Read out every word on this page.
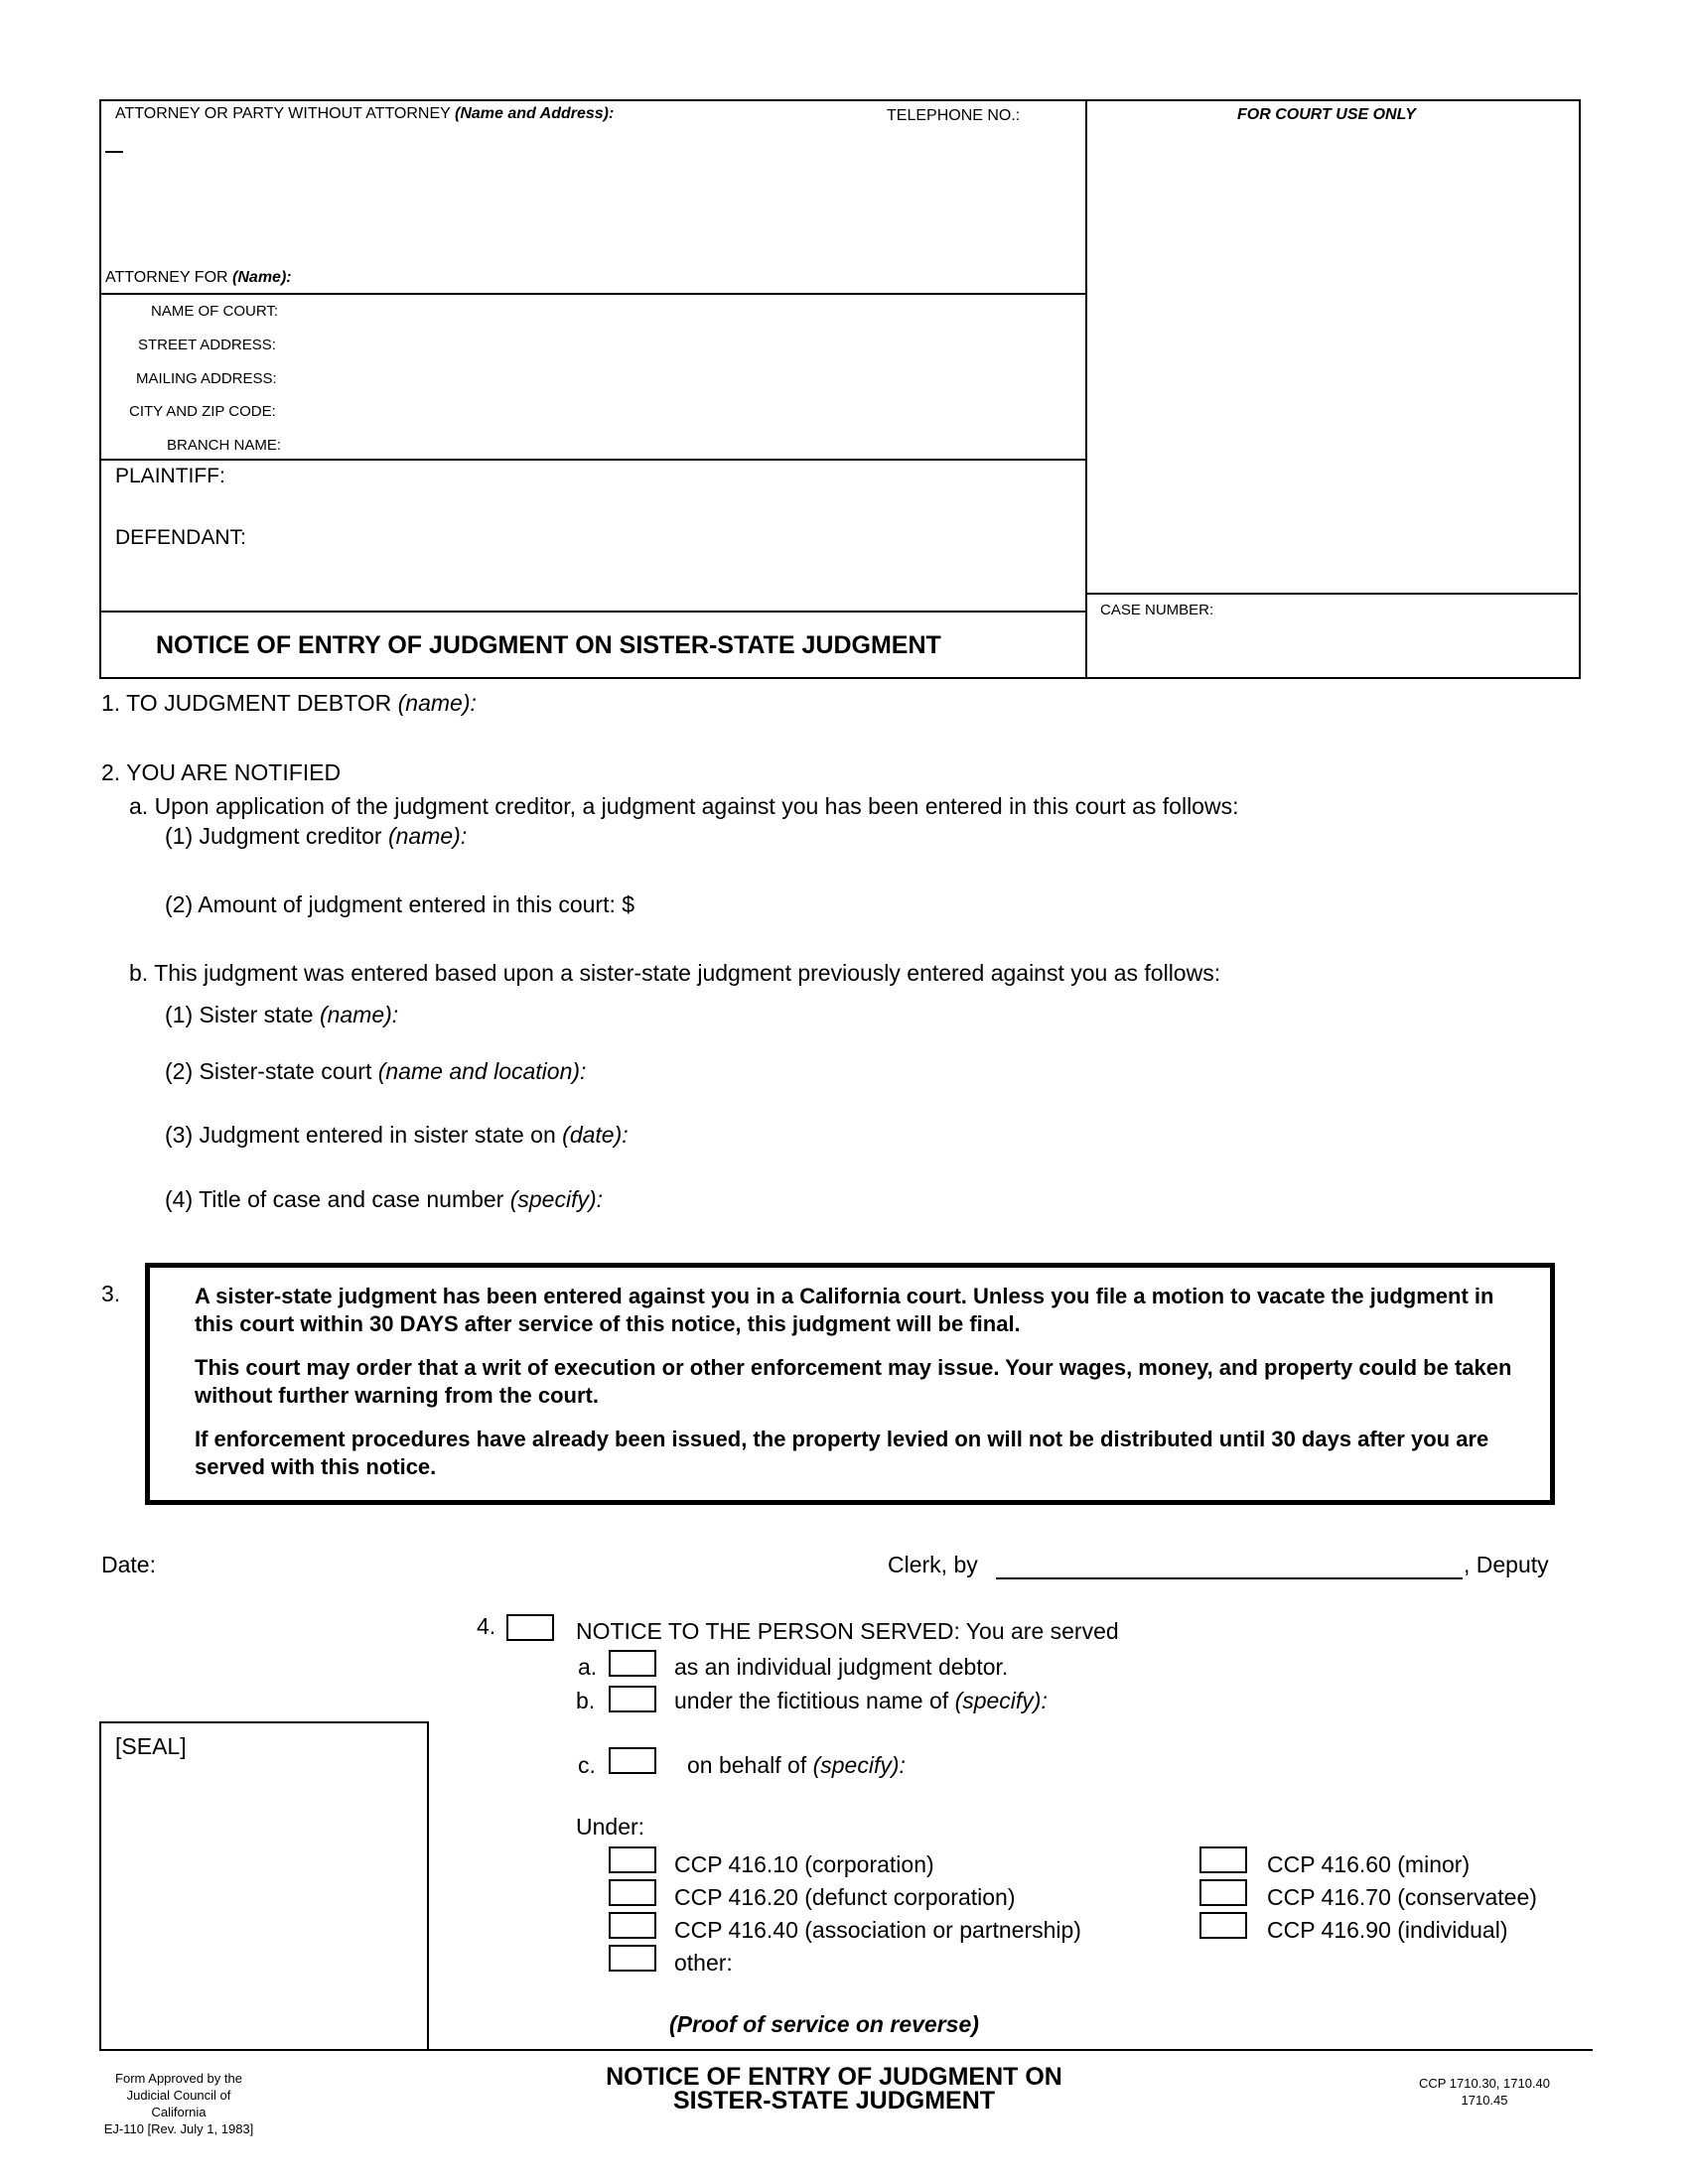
ATTORNEY OR PARTY WITHOUT ATTORNEY (Name and Address):	TELEPHONE NO.:	FOR COURT USE ONLY
ATTORNEY FOR (Name):
NAME OF COURT:
STREET ADDRESS:
MAILING ADDRESS:
CITY AND ZIP CODE:
BRANCH NAME:
PLAINTIFF:
DEFENDANT:
NOTICE OF ENTRY OF JUDGMENT ON SISTER-STATE JUDGMENT
CASE NUMBER:
1. TO JUDGMENT DEBTOR (name):
2. YOU ARE NOTIFIED
a. Upon application of the judgment creditor, a judgment against you has been entered in this court as follows:
(1) Judgment creditor (name):
(2) Amount of judgment entered in this court: $
b. This judgment was entered based upon a sister-state judgment previously entered against you as follows:
(1) Sister state (name):
(2) Sister-state court (name and location):
(3) Judgment entered in sister state on (date):
(4) Title of case and case number (specify):
3.	A sister-state judgment has been entered against you in a California court. Unless you file a motion to vacate the judgment in this court within 30 DAYS after service of this notice, this judgment will be final.
This court may order that a writ of execution or other enforcement may issue. Your wages, money, and property could be taken without further warning from the court.
If enforcement procedures have already been issued, the property levied on will not be distributed until 30 days after you are served with this notice.
Date:	Clerk, by	, Deputy
4.	NOTICE TO THE PERSON SERVED: You are served
a.	as an individual judgment debtor.
b.	under the fictitious name of (specify):
c.	on behalf of (specify):
Under:
CCP 416.10 (corporation)
CCP 416.20 (defunct corporation)
CCP 416.40 (association or partnership)
other:
CCP 416.60 (minor)
CCP 416.70 (conservatee)
CCP 416.90 (individual)
(Proof of service on reverse)
[SEAL]
Form Approved by the
Judicial Council of California
EJ-110 [Rev. July 1, 1983]
NOTICE OF ENTRY OF JUDGMENT ON
SISTER-STATE JUDGMENT
CCP 1710.30, 1710.40
1710.45
